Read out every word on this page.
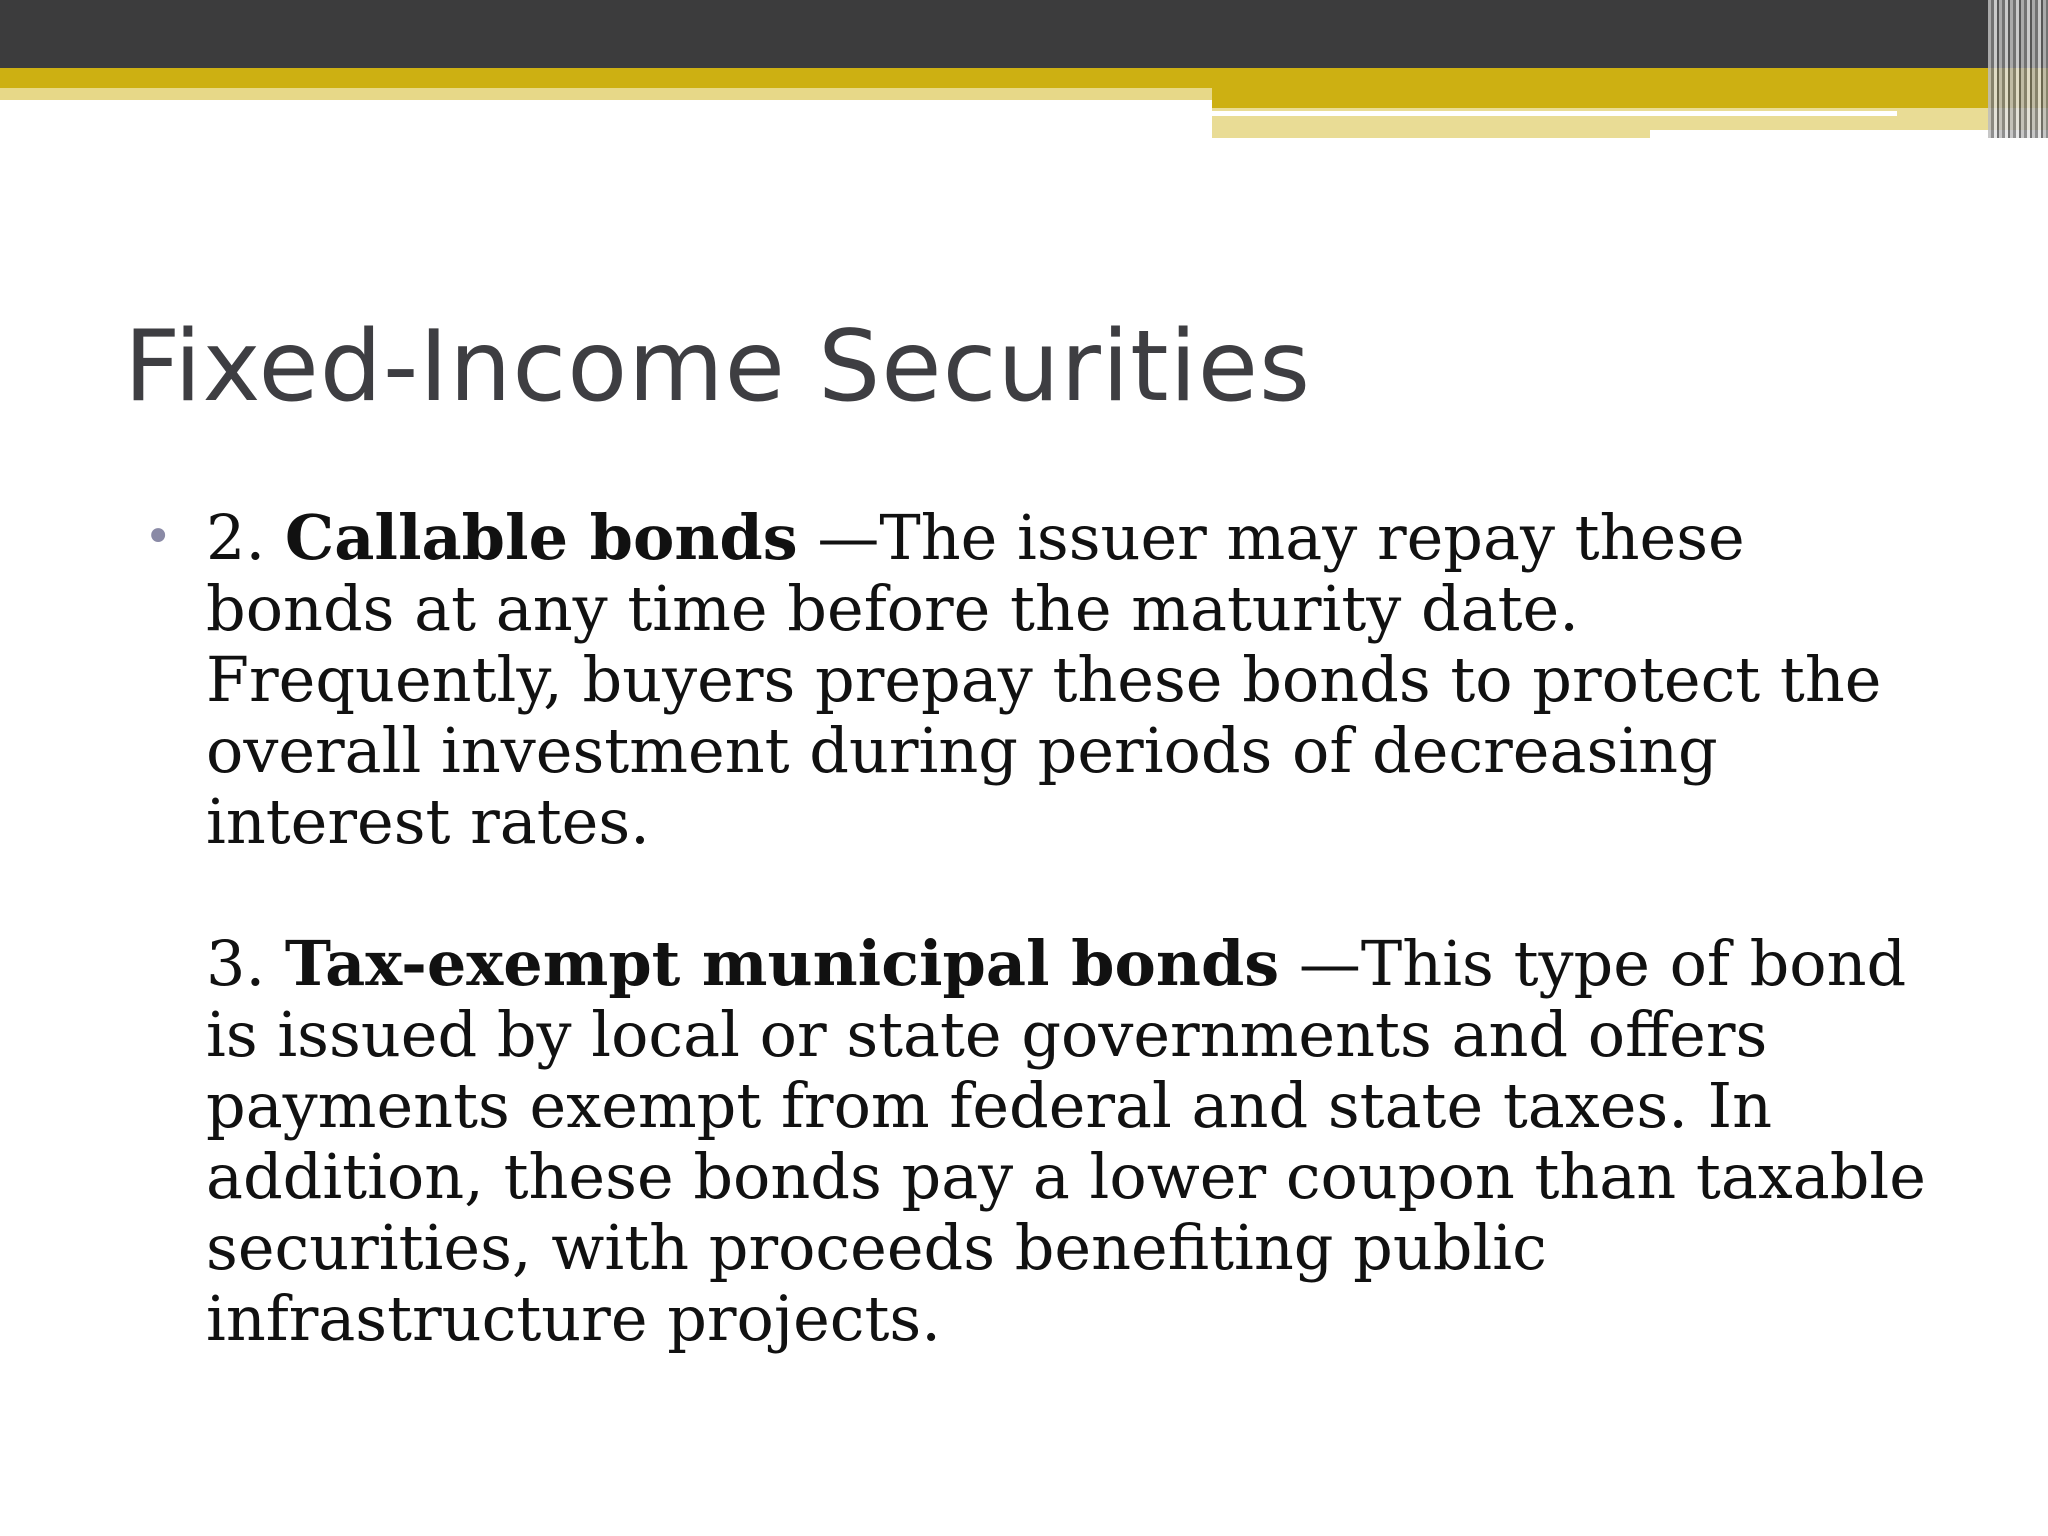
Fixed-Income Securities
• 2. Callable bonds —The issuer may repay these bonds at any time before the maturity date. Frequently, buyers prepay these bonds to protect the overall investment during periods of decreasing interest rates.
3. Tax-exempt municipal bonds —This type of bond is issued by local or state governments and offers payments exempt from federal and state taxes. In addition, these bonds pay a lower coupon than taxable securities, with proceeds benefiting public infrastructure projects.
